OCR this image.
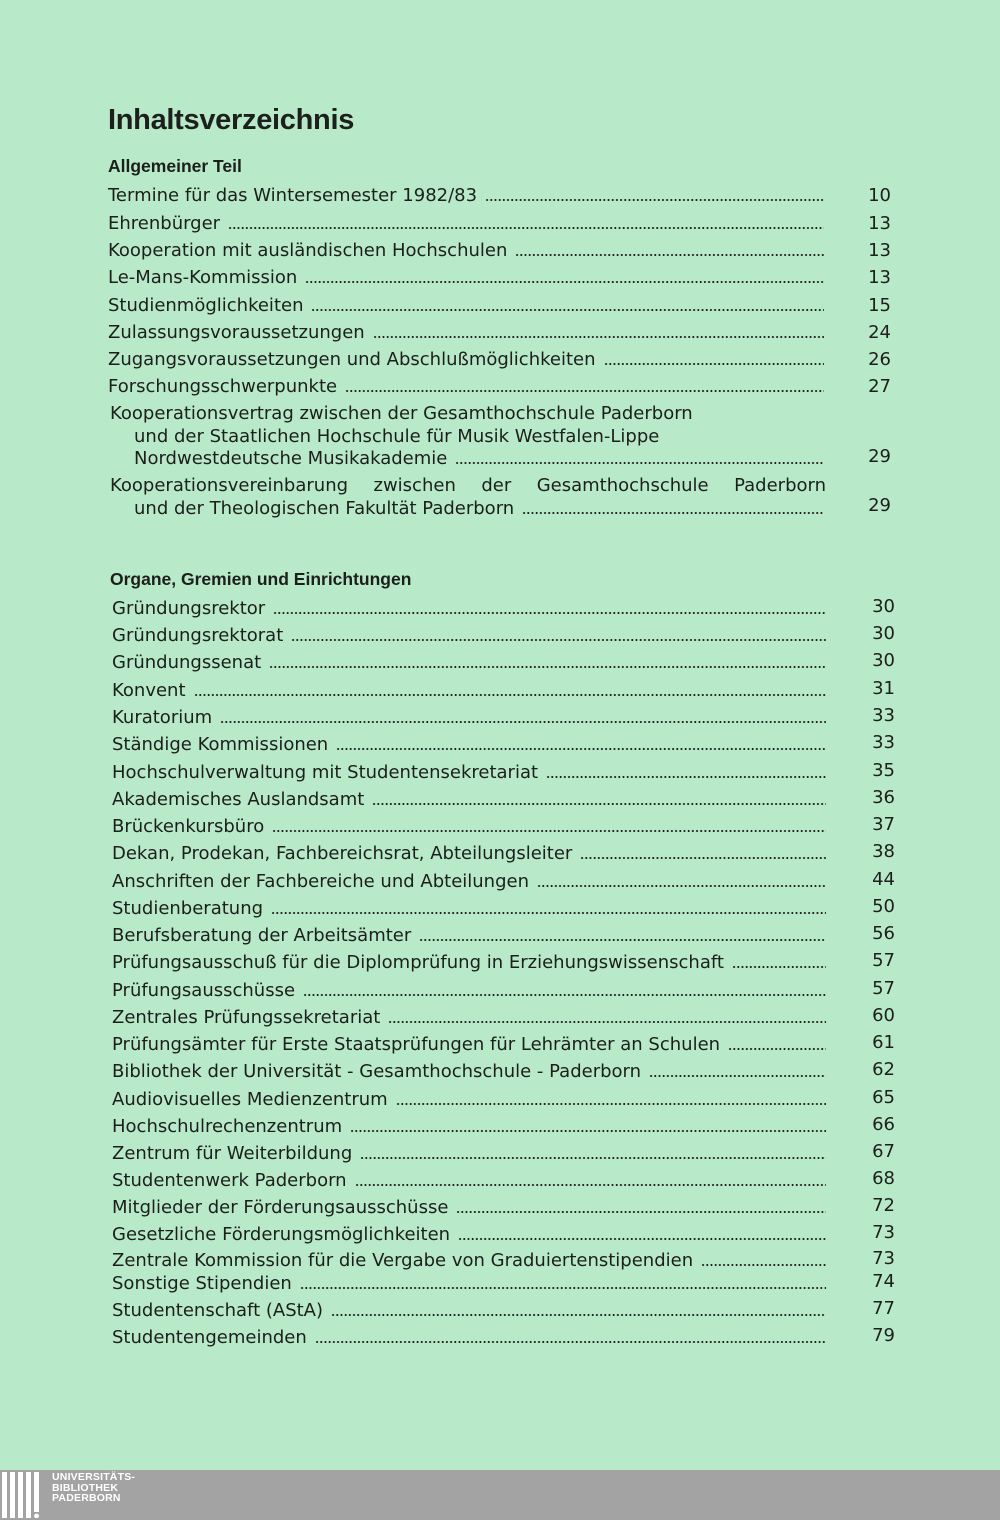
Inhaltsverzeichnis
Allgemeiner Teil
Termine für das Wintersemester 1982/83	10
Ehrenbürger	13
Kooperation mit ausländischen Hochschulen	13
Le-Mans-Kommission	13
Studienmöglichkeiten	15
Zulassungsvoraussetzungen	24
Zugangsvoraussetzungen und Abschlußmöglichkeiten	26
Forschungsschwerpunkte	27
Kooperationsvertrag zwischen der Gesamthochschule Paderborn
und der Staatlichen Hochschule für Musik Westfalen-Lippe
Nordwestdeutsche Musikakademie	29
Kooperationsvereinbarung zwischen der Gesamthochschule Paderborn
und der Theologischen Fakultät Paderborn	29
Organe, Gremien und Einrichtungen
Gründungsrektor	30
Gründungsrektorat	30
Gründungssenat	30
Konvent	31
Kuratorium	33
Ständige Kommissionen	33
Hochschulverwaltung mit Studentensekretariat	35
Akademisches Auslandsamt	36
Brückenkursbüro	37
Dekan, Prodekan, Fachbereichsrat, Abteilungsleiter	38
Anschriften der Fachbereiche und Abteilungen	44
Studienberatung	50
Berufsberatung der Arbeitsämter	56
Prüfungsausschuß für die Diplomprüfung in Erziehungswissenschaft	57
Prüfungsausschüsse	57
Zentrales Prüfungssekretariat	60
Prüfungsämter für Erste Staatsprüfungen für Lehrämter an Schulen	61
Bibliothek der Universität - Gesamthochschule - Paderborn	62
Audiovisuelles Medienzentrum	65
Hochschulrechenzentrum	66
Zentrum für Weiterbildung	67
Studentenwerk Paderborn	68
Mitglieder der Förderungsausschüsse	72
Gesetzliche Förderungsmöglichkeiten	73
Zentrale Kommission für die Vergabe von Graduiertenstipendien	73
Sonstige Stipendien	74
Studentenschaft (AStA)	77
Studentengemeinden	79
UNIVERSITÄTS-
BIBLIOTHEK
PADERBORN
